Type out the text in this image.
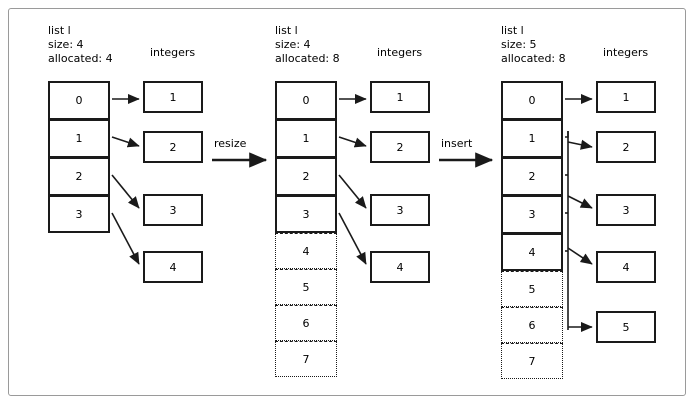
list l
size: 4
allocated: 4	integers
0
1
2
3
1
2
3
4
resize
list l
size: 4
allocated: 8	integers
0
1
2
3
4
5
6
7
1
2
3
4
insert
list l
size: 5
allocated: 8	integers
0
1
2
3
4
5
6
7
1
2
3
4
5
